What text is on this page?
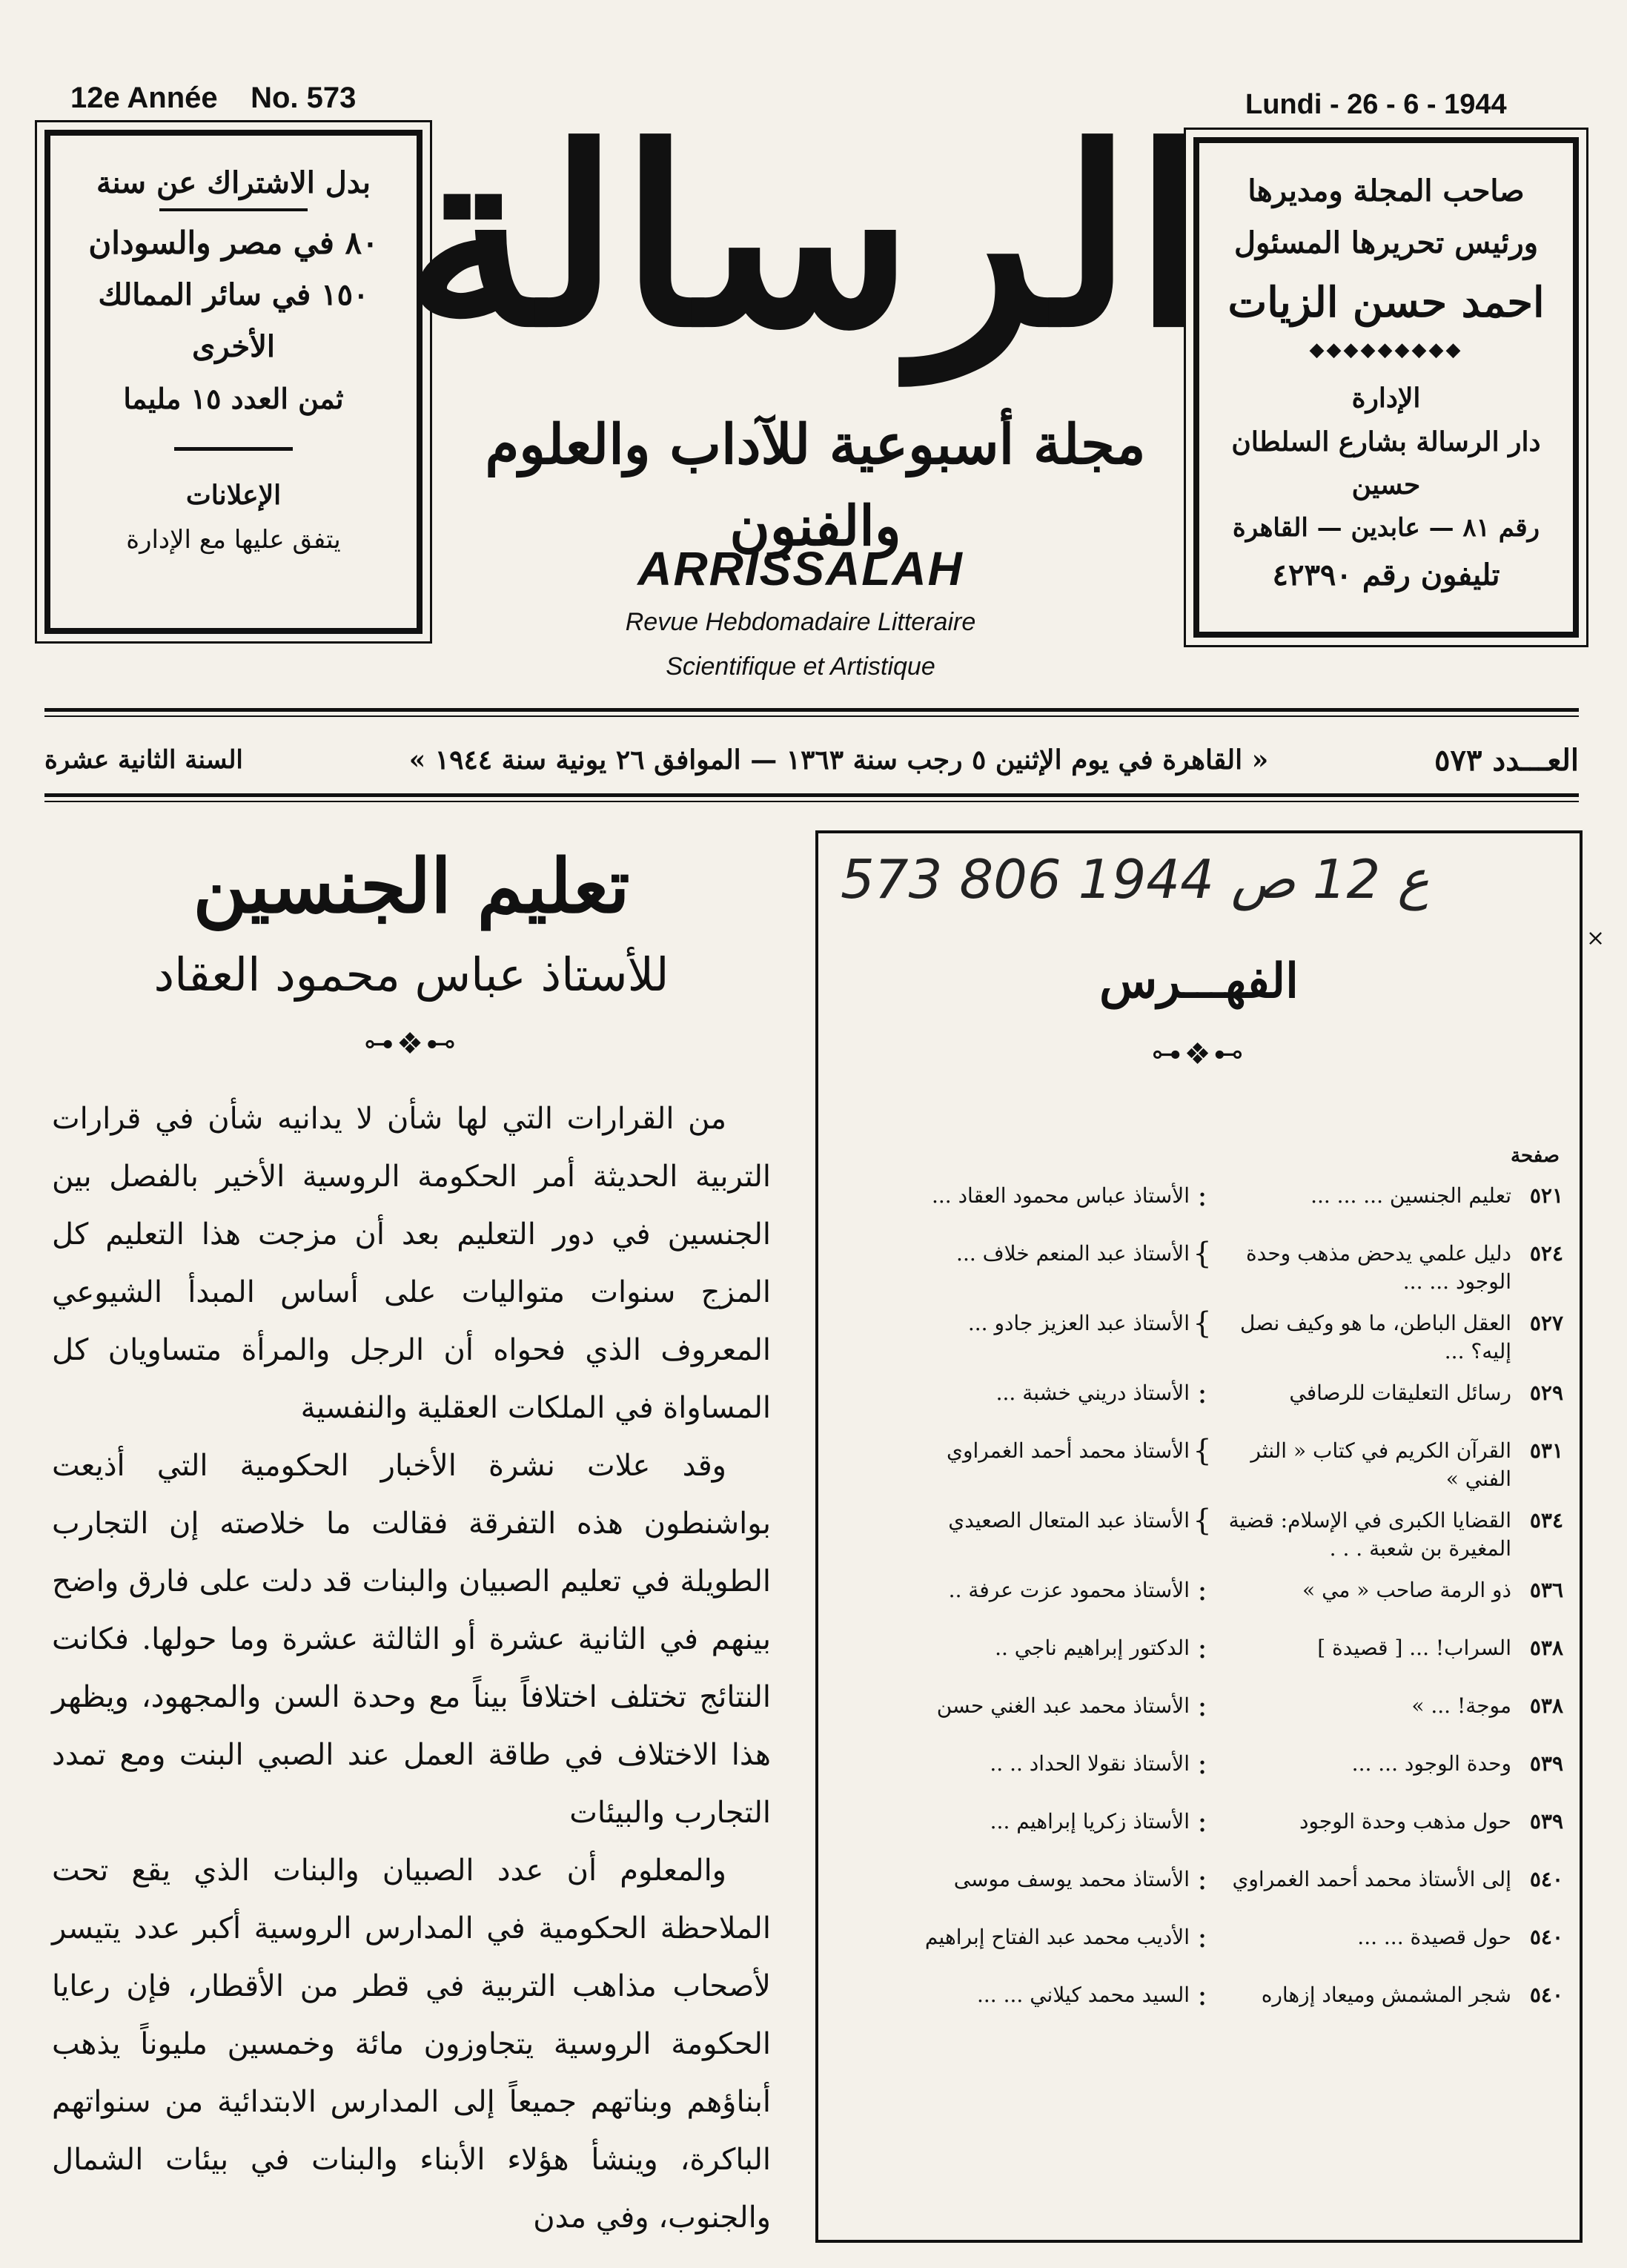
12e Année No. 573	Lundi - 26 - 6 - 1944
بدل الاشتراك عن سنة
٨٠ في مصر والسودان
١٥٠ في سائر الممالك الأخرى
ثمن العدد ١٥ مليما
الإعلانات
يتفق عليها مع الإدارة
الرسالة
مجلة أسبوعية للآداب والعلوم والفنون
ARRISSALAH
Revue Hebdomadaire Litteraire
Scientifique et Artistique
صاحب المجلة ومديرها
ورئيس تحريرها المسئول
احمد حسن الزيات
◆◆◆◆◆◆◆◆◆
الإدارة
دار الرسالة بشارع السلطان حسين
رقم ٨١ — عابدين — القاهرة
تليفون رقم ٤٢٣٩٠
العـــدد ٥٧٣
« القاهرة في يوم الإثنين ٥ رجب سنة ١٣٦٣ — الموافق ٢٦ يونية سنة ١٩٤٤ »
السنة الثانية عشرة
تعليم الجنسين
للأستاذ عباس محمود العقاد
⊶❖⊷

من القرارات التي لها شأن لا يدانيه شأن في قرارات التربية الحديثة أمر الحكومة الروسية الأخير بالفصل بين الجنسين في دور التعليم بعد أن مزجت هذا التعليم كل المزج سنوات متواليات على أساس المبدأ الشيوعي المعروف الذي فحواه أن الرجل والمرأة متساويان كل المساواة في الملكات العقلية والنفسية

وقد علات نشرة الأخبار الحكومية التي أذيعت بواشنطون هذه التفرقة فقالت ما خلاصته إن التجارب الطويلة في تعليم الصبيان والبنات قد دلت على فارق واضح بينهم في الثانية عشرة أو الثالثة عشرة وما حولها. فكانت النتائج تختلف اختلافاً بيناً مع وحدة السن والمجهود، ويظهر هذا الاختلاف في طاقة العمل عند الصبي البنت ومع تمدد التجارب والبيئات

والمعلوم أن عدد الصبيان والبنات الذي يقع تحت الملاحظة الحكومية في المدارس الروسية أكبر عدد يتيسر لأصحاب مذاهب التربية في قطر من الأقطار، فإن رعايا الحكومة الروسية يتجاوزون مائة وخمسين مليوناً يذهب أبناؤهم وبناتهم جميعاً إلى المدارس الابتدائية من سنواتهم الباكرة، وينشأ هؤلاء الأبناء والبنات في بيئات الشمال والجنوب، وفي مدن

573 ع 12 ص 1944 806
الفهـــرس
⊶❖⊷
صفحة
٥٢١
تعليم الجنسين ... ... ...
:
الأستاذ عباس محمود العقاد ...
٥٢٤
دليل علمي يدحض مذهب وحدة الوجود ... ...
}
الأستاذ عبد المنعم خلاف ...
٥٢٧
العقل الباطن، ما هو وكيف نصل إليه؟ ...
}
الأستاذ عبد العزيز جادو ...
٥٢٩
رسائل التعليقات للرصافي
:
الأستاذ دريني خشبة ...
٥٣١
القرآن الكريم في كتاب « النثر الفني »
}
الأستاذ محمد أحمد الغمراوي
٥٣٤
القضايا الكبرى في الإسلام: قضية المغيرة بن شعبة . . .
}
الأستاذ عبد المتعال الصعيدي
٥٣٦
ذو الرمة صاحب « مي »
:
الأستاذ محمود عزت عرفة ..
٥٣٨
السراب! ... [ قصيدة ]
:
الدكتور إبراهيم ناجي ..
٥٣٨
موجة! ... »
:
الأستاذ محمد عبد الغني حسن
٥٣٩
وحدة الوجود ... ...
:
الأستاذ نقولا الحداد .. ..
٥٣٩
حول مذهب وحدة الوجود
:
الأستاذ زكريا إبراهيم ...
٥٤٠
إلى الأستاذ محمد أحمد الغمراوي
:
الأستاذ محمد يوسف موسى
٥٤٠
حول قصيدة ... ...
:
الأديب محمد عبد الفتاح إبراهيم
٥٤٠
شجر المشمش وميعاد إزهاره
:
السيد محمد كيلاني ... ...
×
